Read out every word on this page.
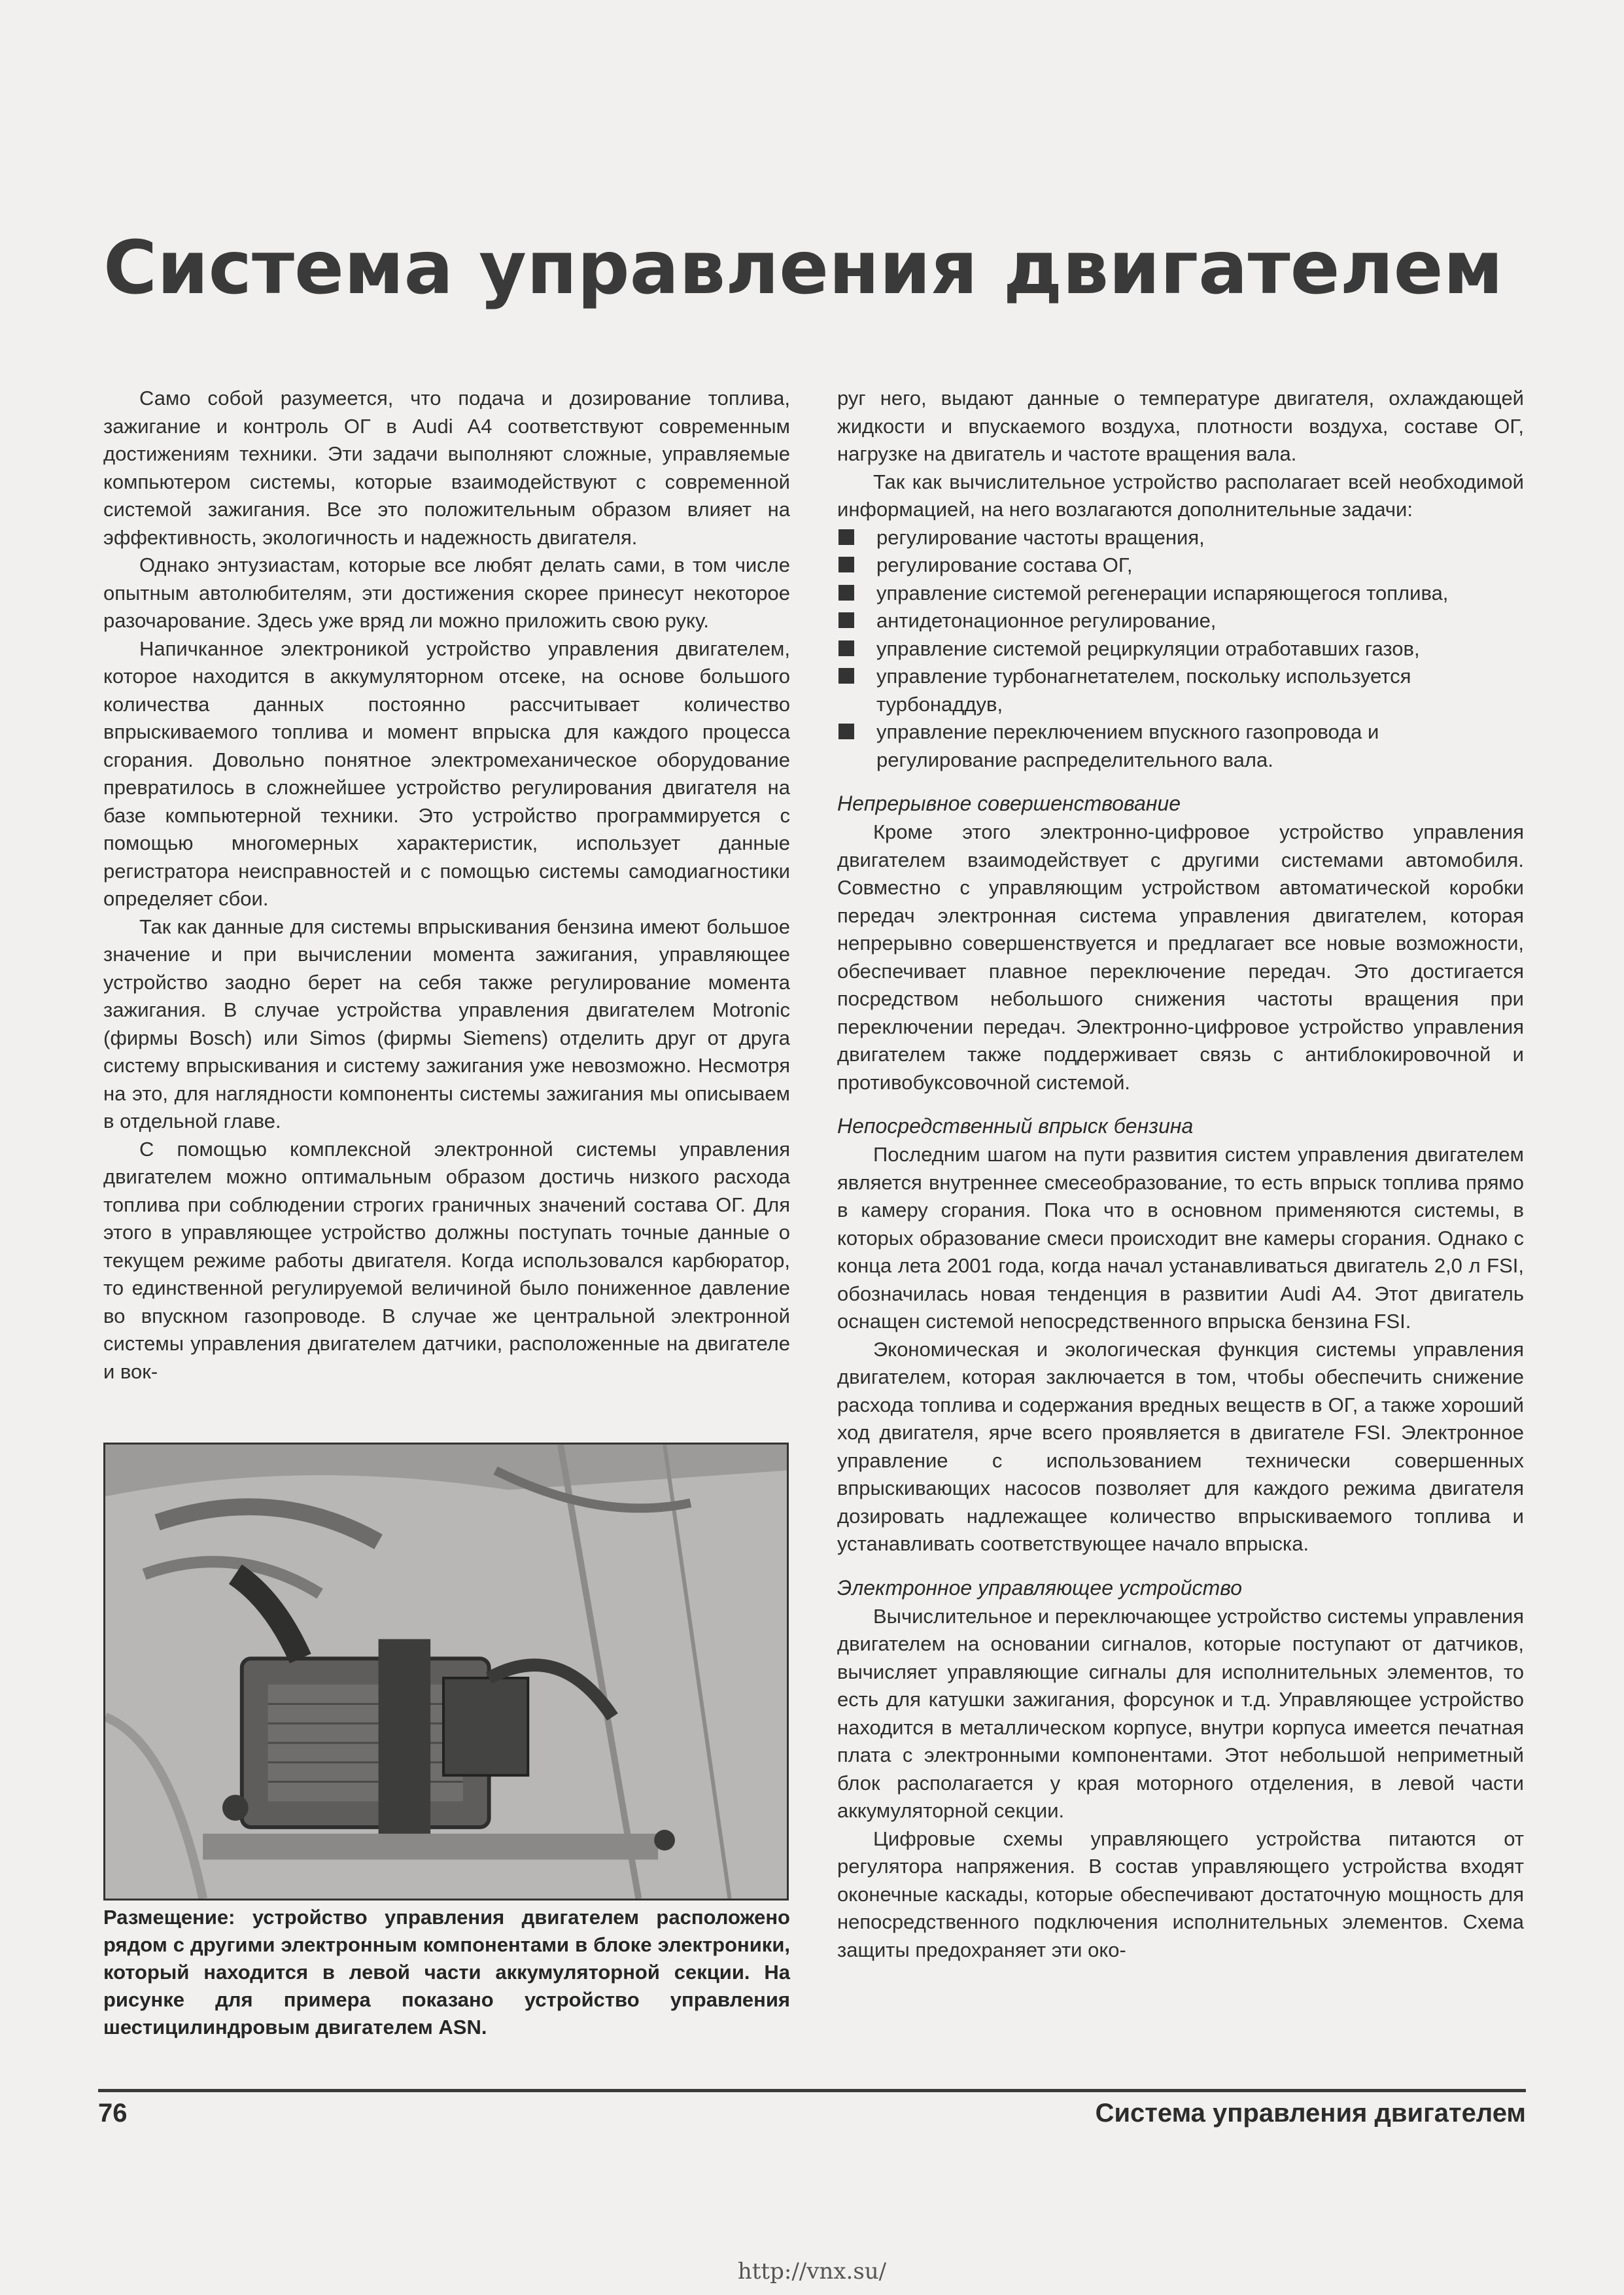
Система управления двигателем

Само собой разумеется, что подача и дозирование топлива, зажигание и контроль ОГ в Audi A4 соответствуют современным достижениям техники. Эти задачи выполняют сложные, управляемые компьютером системы, которые взаимодействуют с современной системой зажигания. Все это положительным образом влияет на эффективность, экологичность и надежность двигателя.

Однако энтузиастам, которые все любят делать сами, в том числе опытным автолюбителям, эти достижения скорее принесут некоторое разочарование. Здесь уже вряд ли можно приложить свою руку.

Напичканное электроникой устройство управления двигателем, которое находится в аккумуляторном отсеке, на основе большого количества данных постоянно рассчитывает количество впрыскиваемого топлива и момент впрыска для каждого процесса сгорания. Довольно понятное электромеханическое оборудование превратилось в сложнейшее устройство регулирования двигателя на базе компьютерной техники. Это устройство программируется с помощью многомерных характеристик, использует данные регистратора неисправностей и с помощью системы самодиагностики определяет сбои.

Так как данные для системы впрыскивания бензина имеют большое значение и при вычислении момента зажигания, управляющее устройство заодно берет на себя также регулирование момента зажигания. В случае устройства управления двигателем Motronic (фирмы Bosch) или Simos (фирмы Siemens) отделить друг от друга систему впрыскивания и систему зажигания уже невозможно. Несмотря на это, для наглядности компоненты системы зажигания мы описываем в отдельной главе.

С помощью комплексной электронной системы управления двигателем можно оптимальным образом достичь низкого расхода топлива при соблюдении строгих граничных значений состава ОГ. Для этого в управляющее устройство должны поступать точные данные о текущем режиме работы двигателя. Когда использовался карбюратор, то единственной регулируемой величиной было пониженное давление во впускном газопроводе. В случае же центральной электронной системы управления двигателем датчики, расположенные на двигателе и вок-

Размещение: устройство управления двигателем расположено рядом с другими электронным компонентами в блоке электроники, который находится в левой части аккумуляторной секции. На рисунке для примера показано устройство управления шестицилиндровым двигателем ASN.

руг него, выдают данные о температуре двигателя, охлаждающей жидкости и впускаемого воздуха, плотности воздуха, составе ОГ, нагрузке на двигатель и частоте вращения вала.

Так как вычислительное устройство располагает всей необходимой информацией, на него возлагаются дополнительные задачи:

регулирование частоты вращения,
регулирование состава ОГ,
управление системой регенерации испаряющегося топлива,
антидетонационное регулирование,
управление системой рециркуляции отработавших газов,
управление турбонагнетателем, поскольку используется турбонаддув,
управление переключением впускного газопровода и регулирование распределительного вала.
Непрерывное совершенствование

Кроме этого электронно-цифровое устройство управления двигателем взаимодействует с другими системами автомобиля. Совместно с управляющим устройством автоматической коробки передач электронная система управления двигателем, которая непрерывно совершенствуется и предлагает все новые возможности, обеспечивает плавное переключение передач. Это достигается посредством небольшого снижения частоты вращения при переключении передач. Электронно-цифровое устройство управления двигателем также поддерживает связь с антиблокировочной и противобуксовочной системой.

Непосредственный впрыск бензина

Последним шагом на пути развития систем управления двигателем является внутреннее смесеобразование, то есть впрыск топлива прямо в камеру сгорания. Пока что в основном применяются системы, в которых образование смеси происходит вне камеры сгорания. Однако с конца лета 2001 года, когда начал устанавливаться двигатель 2,0 л FSI, обозначилась новая тенденция в развитии Audi A4. Этот двигатель оснащен системой непосредственного впрыска бензина FSI.

Экономическая и экологическая функция системы управления двигателем, которая заключается в том, чтобы обеспечить снижение расхода топлива и содержания вредных веществ в ОГ, а также хороший ход двигателя, ярче всего проявляется в двигателе FSI. Электронное управление с использованием технически совершенных впрыскивающих насосов позволяет для каждого режима двигателя дозировать надлежащее количество впрыскиваемого топлива и устанавливать соответствующее начало впрыска.

Электронное управляющее устройство

Вычислительное и переключающее устройство системы управления двигателем на основании сигналов, которые поступают от датчиков, вычисляет управляющие сигналы для исполнительных элементов, то есть для катушки зажигания, форсунок и т.д. Управляющее устройство находится в металлическом корпусе, внутри корпуса имеется печатная плата с электронными компонентами. Этот небольшой неприметный блок располагается у края моторного отделения, в левой части аккумуляторной секции.

Цифровые схемы управляющего устройства питаются от регулятора напряжения. В состав управляющего устройства входят оконечные каскады, которые обеспечивают достаточную мощность для непосредственного подключения исполнительных элементов. Схема защиты предохраняет эти око-

76	Система управления двигателем
http://vnx.su/
